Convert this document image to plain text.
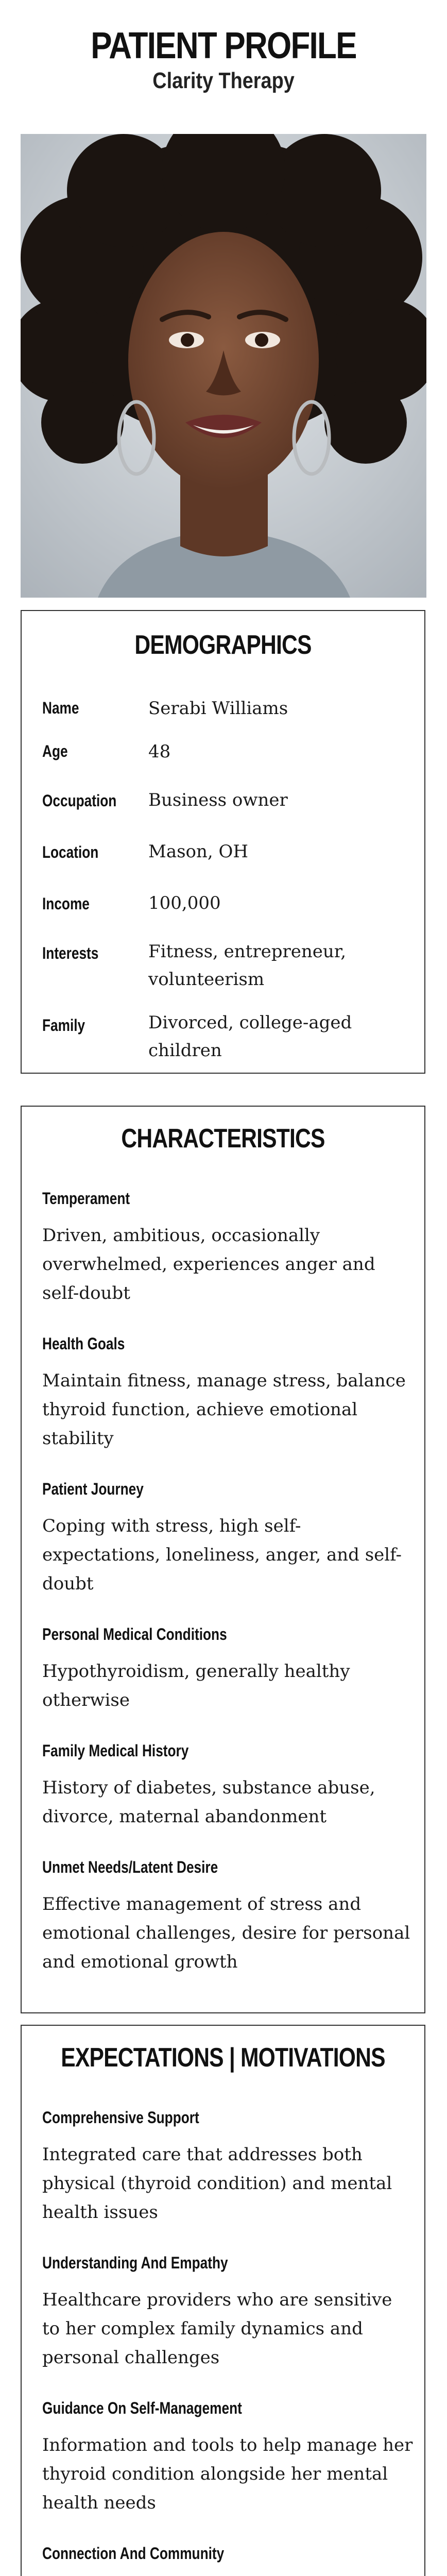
PATIENT PROFILE
Clarity Therapy
DEMOGRAPHICS
Name	Serabi Williams
Age	48
Occupation Business owner
Location	Mason, OH
Income	100,000
Interests	Fitness, entrepreneur, volunteerism
Family	Divorced, college-aged children
CHARACTERISTICS
Temperament
Driven, ambitious, occasionally overwhelmed, experiences anger and self-doubt
Health Goals
Maintain fitness, manage stress, balance thyroid function, achieve emotional stability
Patient Journey
Coping with stress, high self-expectations, loneliness, anger, and self-doubt
Personal Medical Conditions
Hypothyroidism, generally healthy otherwise
Family Medical History
History of diabetes, substance abuse, divorce, maternal abandonment
Unmet Needs/Latent Desire
Effective management of stress and emotional challenges, desire for personal and emotional growth
EXPECTATIONS | MOTIVATIONS
Comprehensive Support
Integrated care that addresses both physical (thyroid condition) and mental health issues
Understanding And Empathy
Healthcare providers who are sensitive to her complex family dynamics and personal challenges
Guidance On Self-Management
Information and tools to help manage her thyroid condition alongside her mental health needs
Connection And Community
